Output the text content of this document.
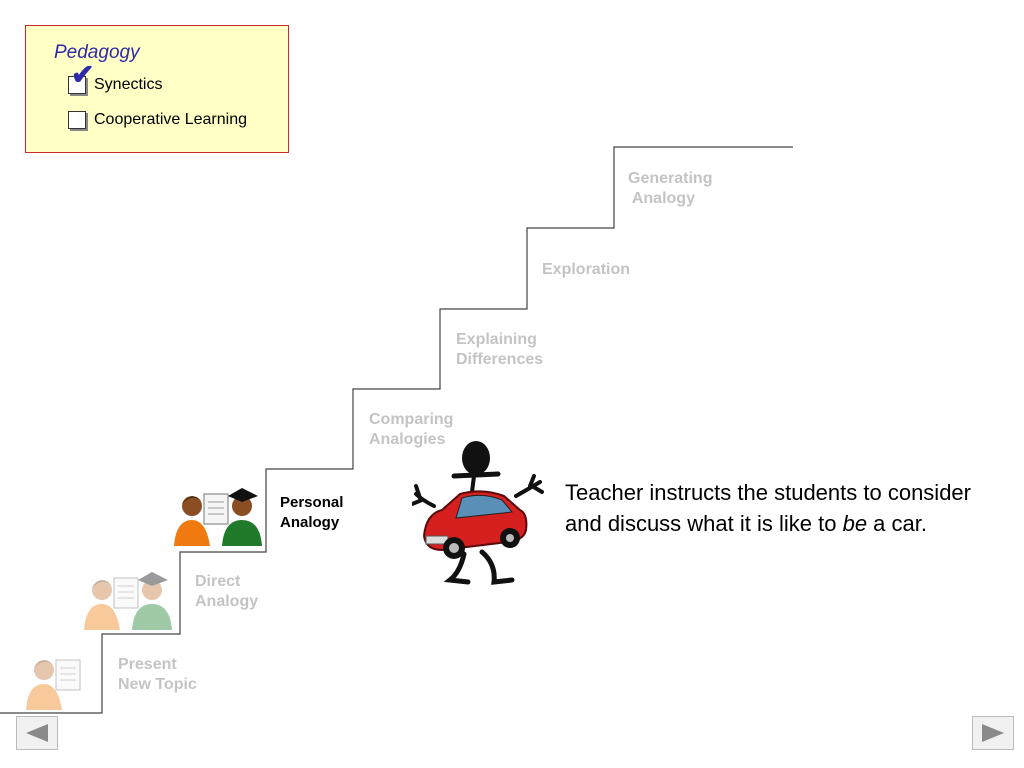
Pedagogy
✔ Synectics
Cooperative Learning
Present
New Topic
Direct
Analogy
Personal
Analogy
Comparing
Analogies
Explaining
Differences
Exploration
Generating
Analogy
Teacher instructs the students to consider and discuss what it is like to be a car.
